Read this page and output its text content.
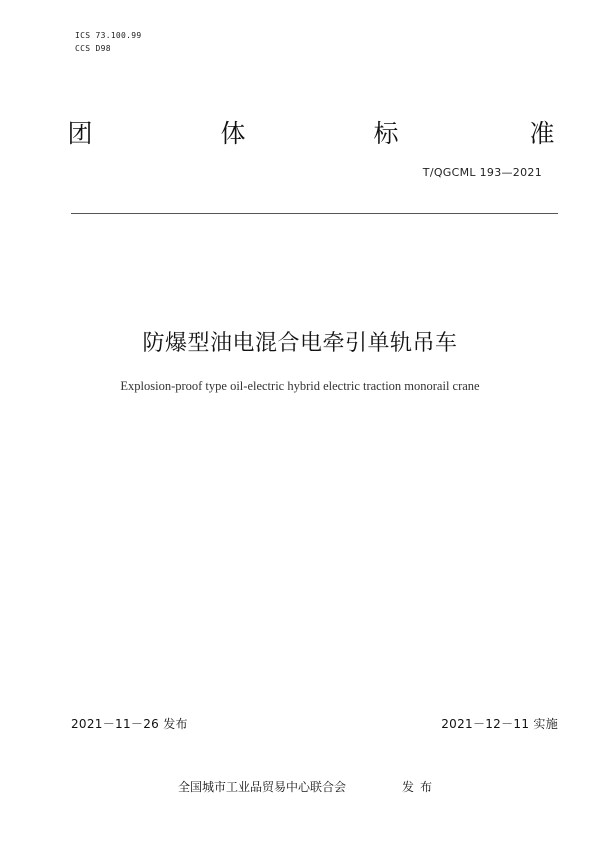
ICS 73.100.99
CCS D98
团	体	标	准
T/QGCML 193—2021
防爆型油电混合电牵引单轨吊车
Explosion-proof type oil-electric hybrid electric traction monorail crane
2021－11－26 发布	2021－12－11 实施
全国城市工业品贸易中心联合会	发布
